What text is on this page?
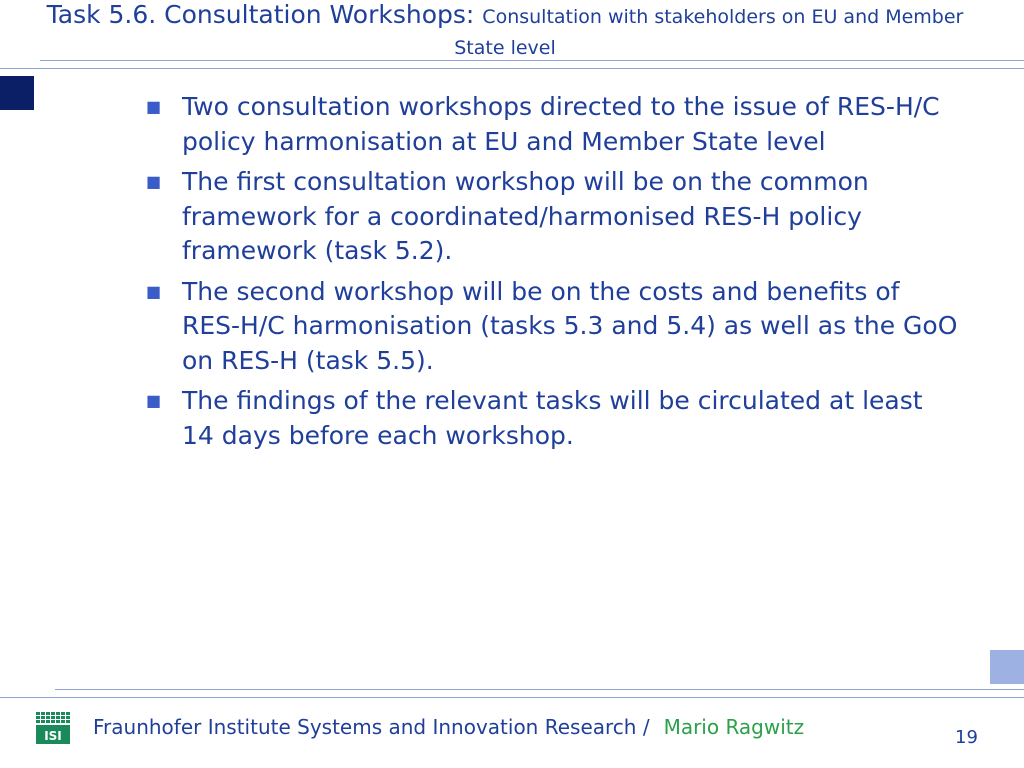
Task 5.6. Consultation Workshops: Consultation with stakeholders on EU and Member State level
■ Two consultation workshops directed to the issue of RES-H/C policy harmonisation at EU and Member State level
■ The first consultation workshop will be on the common framework for a coordinated/harmonised RES-H policy framework (task 5.2).
■ The second workshop will be on the costs and benefits of RES-H/C harmonisation (tasks 5.3 and 5.4) as well as the GoO on RES-H (task 5.5).
■ The findings of the relevant tasks will be circulated at least 14 days before each workshop.
ISI Fraunhofer Institute Systems and Innovation Research / Mario Ragwitz	19
